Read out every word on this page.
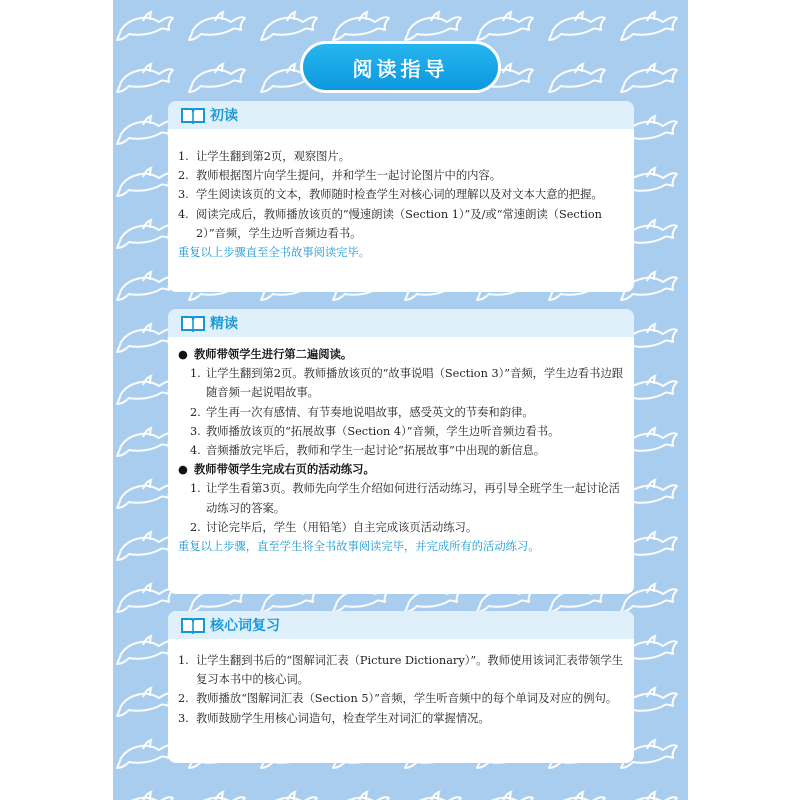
阅读指导
初读
1. 让学生翻到第2页，观察图片。
2. 教师根据图片向学生提问，并和学生一起讨论图片中的内容。
3. 学生阅读该页的文本，教师随时检查学生对核心词的理解以及对文本大意的把握。
4. 阅读完成后，教师播放该页的“慢速朗读（Section 1）”及/或“常速朗读（Section 2）”音频，学生边听音频边看书。
重复以上步骤直至全书故事阅读完毕。
精读
● 教师带领学生进行第二遍阅读。
1. 让学生翻到第2页。教师播放该页的“故事说唱（Section 3）”音频，学生边看书边跟随音频一起说唱故事。
2. 学生再一次有感情、有节奏地说唱故事，感受英文的节奏和韵律。
3. 教师播放该页的“拓展故事（Section 4）”音频，学生边听音频边看书。
4. 音频播放完毕后，教师和学生一起讨论“拓展故事”中出现的新信息。
● 教师带领学生完成右页的活动练习。
1. 让学生看第3页。教师先向学生介绍如何进行活动练习，再引导全班学生一起讨论活动练习的答案。
2. 讨论完毕后，学生（用铅笔）自主完成该页活动练习。
重复以上步骤，直至学生将全书故事阅读完毕，并完成所有的活动练习。
核心词复习
1. 让学生翻到书后的“图解词汇表（Picture Dictionary）”。教师使用该词汇表带领学生复习本书中的核心词。
2. 教师播放“图解词汇表（Section 5）”音频，学生听音频中的每个单词及对应的例句。
3. 教师鼓励学生用核心词造句，检查学生对词汇的掌握情况。
